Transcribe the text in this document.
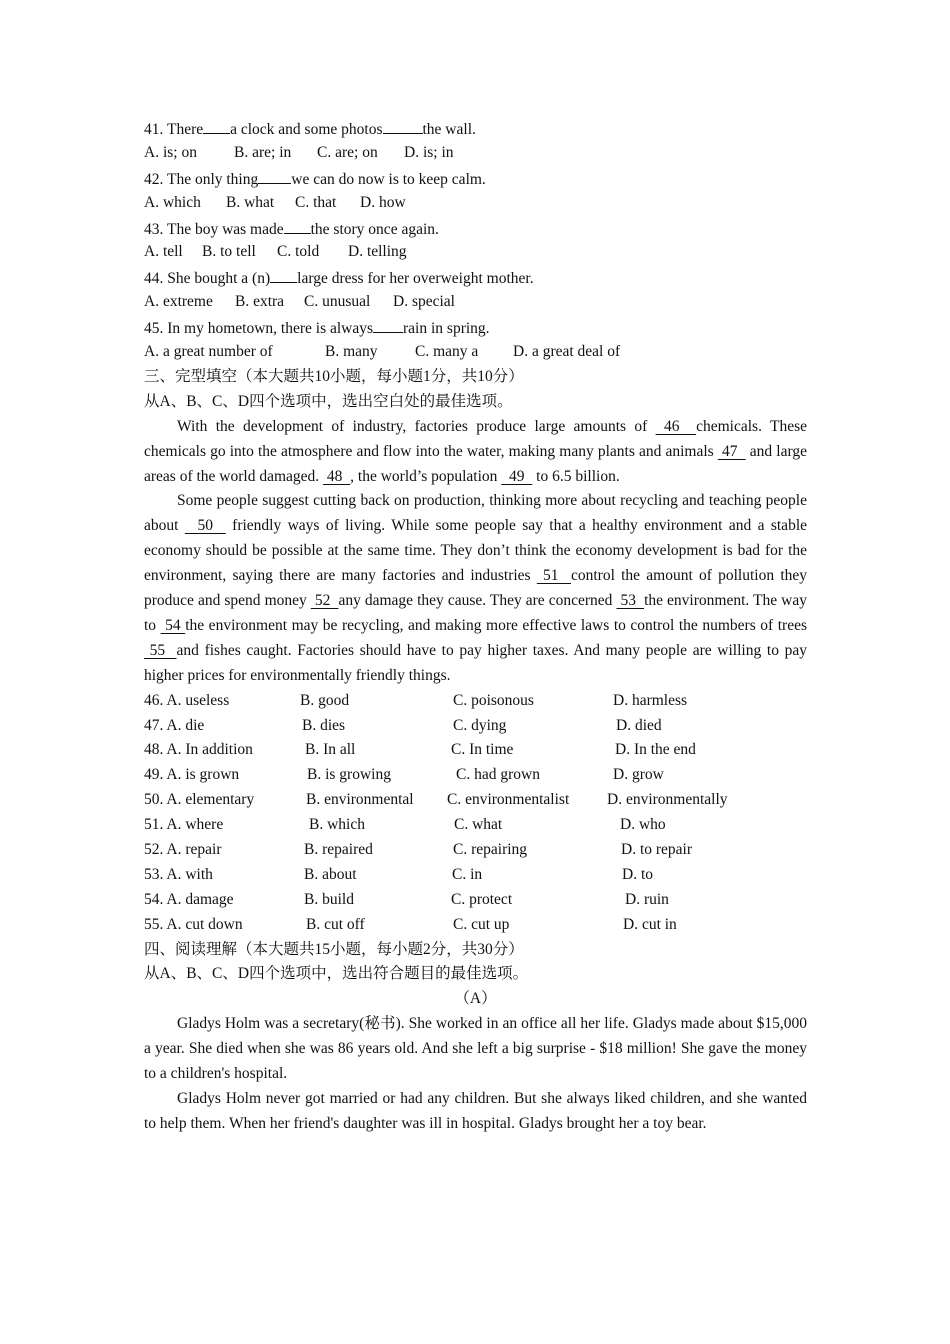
41. There a clock and some photos	the wall.
A. is; on B. are; in C. are; on D. is; in
42. The only thing we can do now is to keep calm.
A. which B. what C. that D. how
43. The boy was made the story once again.
A. tell B. to tell C. told D. telling
44. She bought a (n) large dress for her overweight mother.
A. extreme B. extra C. unusual D. special
45. In my hometown, there is always rain in spring.
A. a great number of	B. many C. many a D. a great deal of
三、完型填空（本大题共10小题，每小题1分，共10分）
从A、B、C、D四个选项中，选出空白处的最佳选项。
With the development of industry, factories produce large amounts of  46  chemicals. These chemicals go into the atmosphere and flow into the water, making many plants and animals  47   and large areas of the world damaged.  48  , the world’s population   49   to 6.5 billion.
Some people suggest cutting back on production, thinking more about recycling and teaching people about   50   friendly ways of living. While some people say that a healthy environment and a stable economy should be possible at the same time. They don’t think the economy development is bad for the environment, saying there are many factories and industries  51  control the amount of pollution they produce and spend money  52  any damage they cause. They are concerned  53  the environment. The way to  54 the environment may be recycling, and making more effective laws to control the numbers of trees  55  and fishes caught. Factories should have to pay higher taxes. And many people are willing to pay higher prices for environmentally friendly things.
46. A. useless	B. good	C. poisonous	D. harmless
47. A. die	B. dies	C. dying	D. died
48. A. In addition	B. In all	C. In time	D. In the end
49. A. is grown	B. is growing	C. had grown	D. grow
50. A. elementary	B. environmental	C. environmentalist	D. environmentally
51. A. where	B. which	C. what	D. who
52. A. repair	B. repaired	C. repairing	D. to repair
53. A. with	B. about	C. in	D. to
54. A. damage	B. build	C. protect	D. ruin
55. A. cut down	B. cut off	C. cut up	D. cut in
四、阅读理解（本大题共15小题，每小题2分，共30分）
从A、B、C、D四个选项中，选出符合题目的最佳选项。
（A）
Gladys Holm was a secretary(秘书). She worked in an office all her life. Gladys made about $15,000 a year. She died when she was 86 years old. And she left a big surprise - $18 million! She gave the money to a children's hospital.
Gladys Holm never got married or had any children. But she always liked children, and she wanted to help them. When her friend's daughter was ill in hospital. Gladys brought her a toy bear.
